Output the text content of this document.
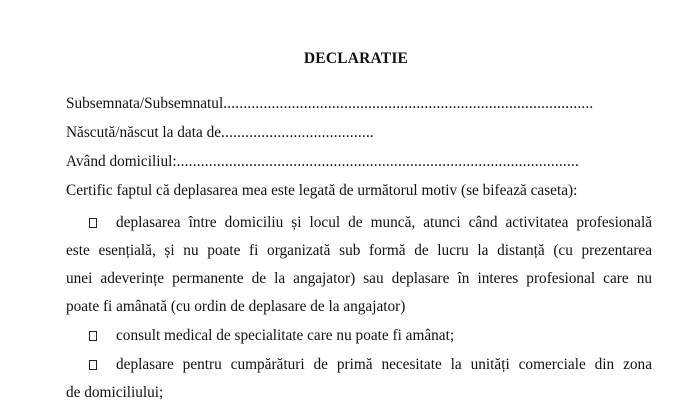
DECLARATIE
Subsemnata/Subsemnatul............................................................................................
Născută/născut la data de......................................
Având domiciliul:....................................................................................................
Certific faptul că deplasarea mea este legată de următorul motiv (se bifează caseta):
deplasarea între domiciliu și locul de muncă, atunci când activitatea profesională
este esențială, și nu poate fi organizată sub formă de lucru la distanță (cu prezentarea
unei adeverințe permanente de la angajator) sau deplasare în interes profesional care nu
poate fi amânată (cu ordin de deplasare de la angajator)
consult medical de specialitate care nu poate fi amânat;
deplasare pentru cumpărături de primă necesitate la unități comerciale din zona
de domiciliului;
